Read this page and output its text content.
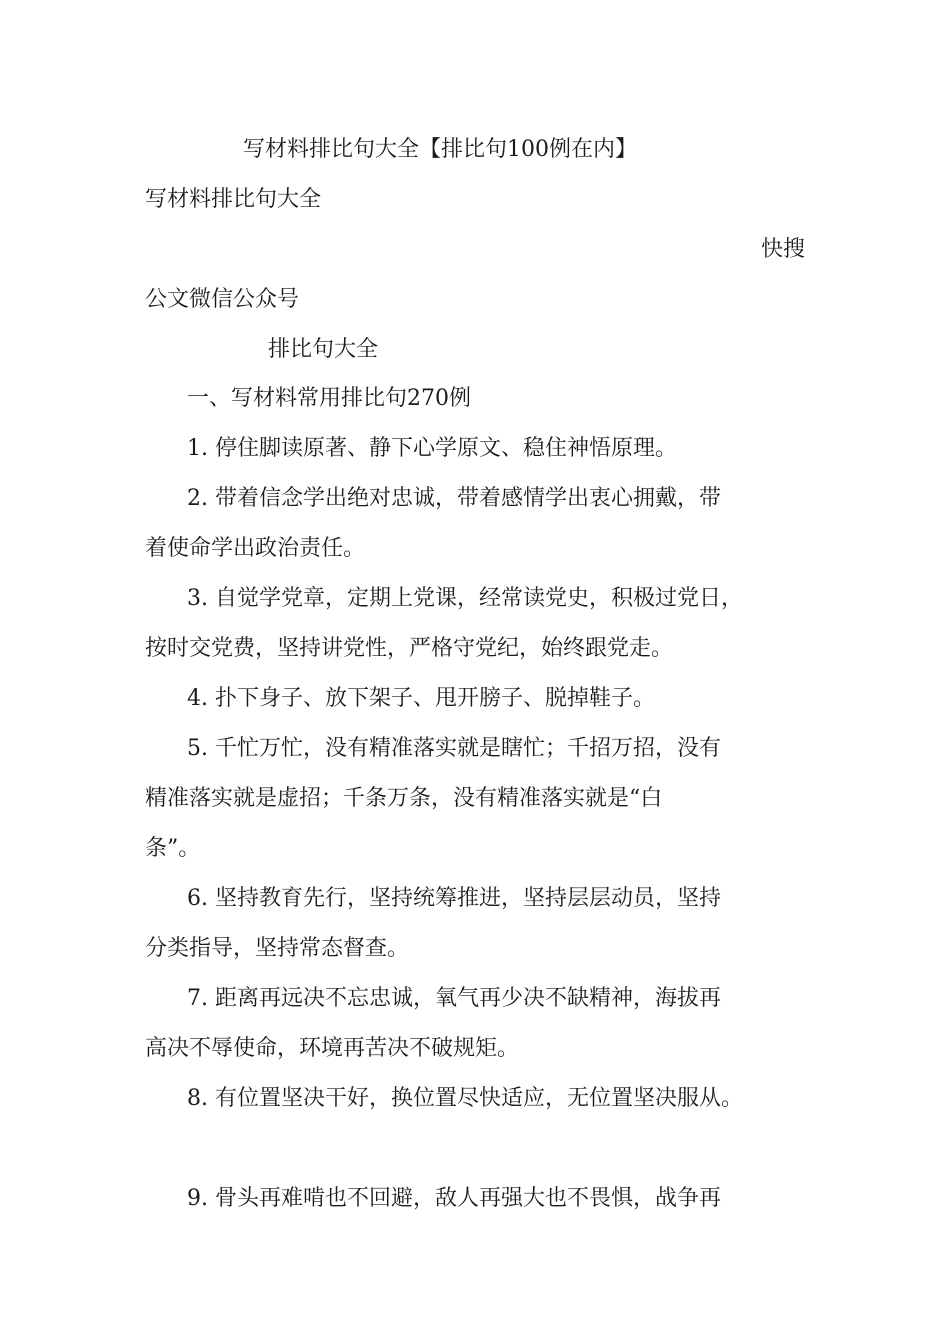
写材料排比句大全【排比句100例在内】
写材料排比句大全
快搜
公文微信公众号
排比句大全
一、写材料常用排比句270例
1. 停住脚读原著、静下心学原文、稳住神悟原理。
2. 带着信念学出绝对忠诚，带着感情学出衷心拥戴，带
着使命学出政治责任。
3. 自觉学党章，定期上党课，经常读党史，积极过党日，
按时交党费，坚持讲党性，严格守党纪，始终跟党走。
4. 扑下身子、放下架子、甩开膀子、脱掉鞋子。
5. 千忙万忙，没有精准落实就是瞎忙；千招万招，没有
精准落实就是虚招；千条万条，没有精准落实就是“白
条”。
6. 坚持教育先行，坚持统筹推进，坚持层层动员，坚持
分类指导，坚持常态督查。
7. 距离再远决不忘忠诚，氧气再少决不缺精神，海拔再
高决不辱使命，环境再苦决不破规矩。
8. 有位置坚决干好，换位置尽快适应，无位置坚决服从。
9. 骨头再难啃也不回避，敌人再强大也不畏惧，战争再
